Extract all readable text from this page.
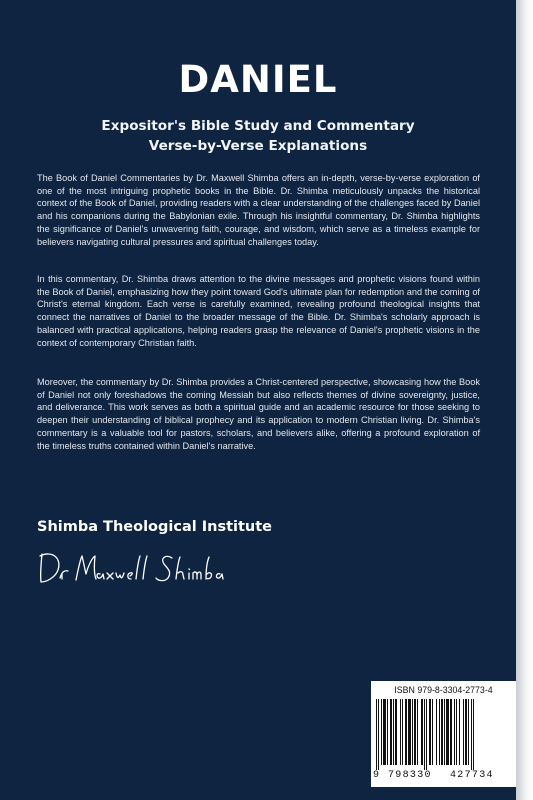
DANIEL
Expositor's Bible Study and Commentary
Verse-by-Verse Explanations
The Book of Daniel Commentaries by Dr. Maxwell Shimba offers an in-depth, verse-by-verse exploration of one of the most intriguing prophetic books in the Bible. Dr. Shimba meticulously unpacks the historical context of the Book of Daniel, providing readers with a clear understanding of the challenges faced by Daniel and his companions during the Babylonian exile. Through his insightful commentary, Dr. Shimba highlights the significance of Daniel's unwavering faith, courage, and wisdom, which serve as a timeless example for believers navigating cultural pressures and spiritual challenges today.
In this commentary, Dr. Shimba draws attention to the divine messages and prophetic visions found within the Book of Daniel, emphasizing how they point toward God's ultimate plan for redemption and the coming of Christ's eternal kingdom. Each verse is carefully examined, revealing profound theological insights that connect the narratives of Daniel to the broader message of the Bible. Dr. Shimba's scholarly approach is balanced with practical applications, helping readers grasp the relevance of Daniel's prophetic visions in the context of contemporary Christian faith.
Moreover, the commentary by Dr. Shimba provides a Christ-centered perspective, showcasing how the Book of Daniel not only foreshadows the coming Messiah but also reflects themes of divine sovereignty, justice, and deliverance. This work serves as both a spiritual guide and an academic resource for those seeking to deepen their understanding of biblical prophecy and its application to modern Christian living. Dr. Shimba's commentary is a valuable tool for pastors, scholars, and believers alike, offering a profound exploration of the timeless truths contained within Daniel's narrative.
Shimba Theological Institute
ISBN 979-8-3304-2773-4
9 798330 427734
